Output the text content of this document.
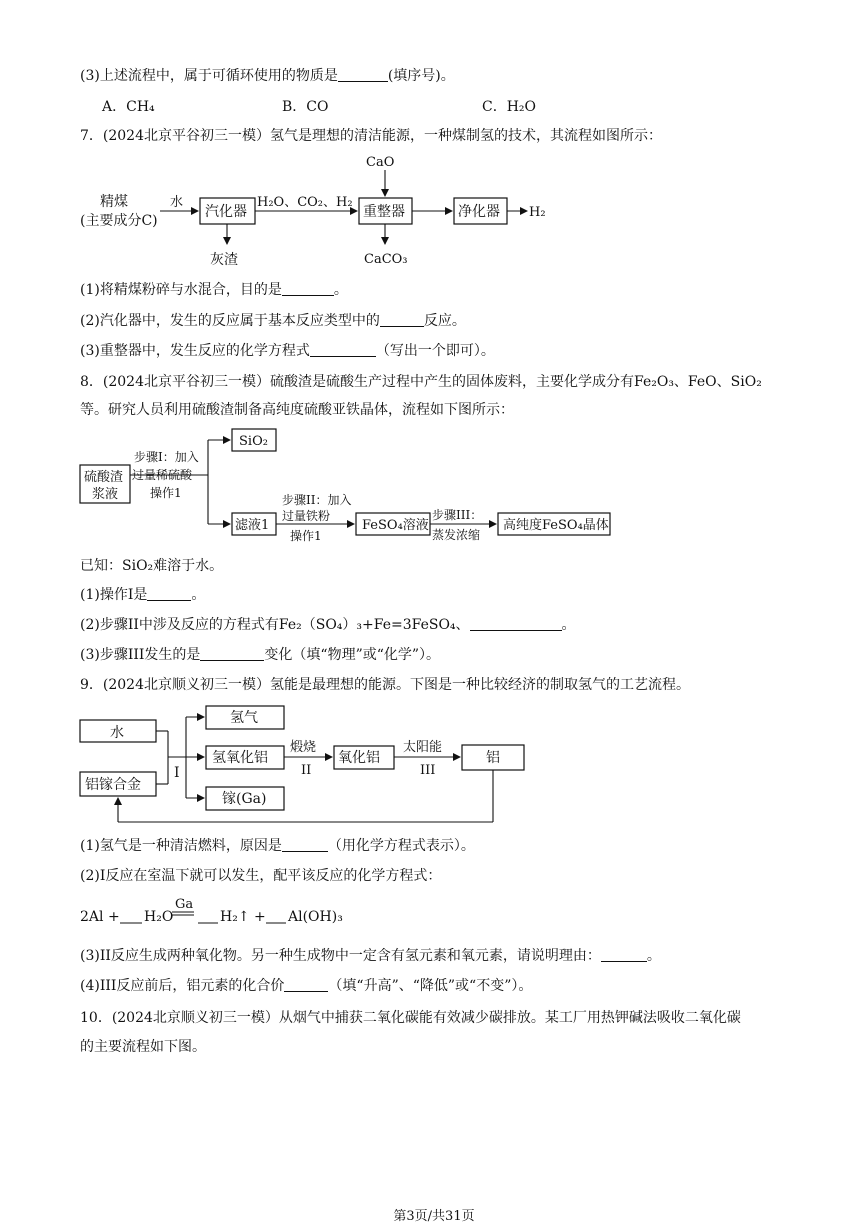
(3)上述流程中，属于可循环使用的物质是	(填序号)。
A．CH₄	B．CO	C．H₂O
7．(2024北京平谷初三一模）氢气是理想的清洁能源，一种煤制氢的技术，其流程如图所示：
精煤
(主要成分C)
水
汽化器
H₂O、CO₂、H₂
灰渣
CaO
重整器
CaCO₃
净化器 H₂
(1)将精煤粉碎与水混合，目的是	。
(2)汽化器中，发生的反应属于基本反应类型中的	反应。
(3)重整器中，发生反应的化学方程式	（写出一个即可）。
8．(2024北京平谷初三一模）硫酸渣是硫酸生产过程中产生的固体废料，主要化学成分有Fe₂O₃、FeO、SiO₂
等。研究人员利用硫酸渣制备高纯度硫酸亚铁晶体，流程如下图所示：
硫酸渣
浆液
步骤I：加入
过量稀硫酸
操作1
SiO₂
滤液1
步骤II：加入
过量铁粉
操作1
FeSO₄溶液
步骤III：
蒸发浓缩
高纯度FeSO₄晶体
已知：SiO₂难溶于水。
(1)操作I是	。
(2)步骤II中涉及反应的方程式有Fe₂（SO₄）₃+Fe=3FeSO₄、	。
(3)步骤III发生的是	变化（填“物理”或“化学”）。
9．(2024北京顺义初三一模）氢能是最理想的能源。下图是一种比较经济的制取氢气的工艺流程。
水
铝镓合金
I
氢气
氢氧化铝
镓(Ga)
煅烧
II
氧化铝
太阳能
III
铝
(1)氢气是一种清洁燃料，原因是	（用化学方程式表示）。
(2)I反应在室温下就可以发生，配平该反应的化学方程式：
2Al + H₂O
Ga
H₂↑ + Al(OH)₃
(3)II反应生成两种氧化物。另一种生成物中一定含有氢元素和氧元素，请说明理由：	。
(4)III反应前后，铝元素的化合价	（填“升高”、“降低”或“不变”）。
10．(2024北京顺义初三一模）从烟气中捕获二氧化碳能有效减少碳排放。某工厂用热钾碱法吸收二氧化碳
的主要流程如下图。
第3页/共31页
